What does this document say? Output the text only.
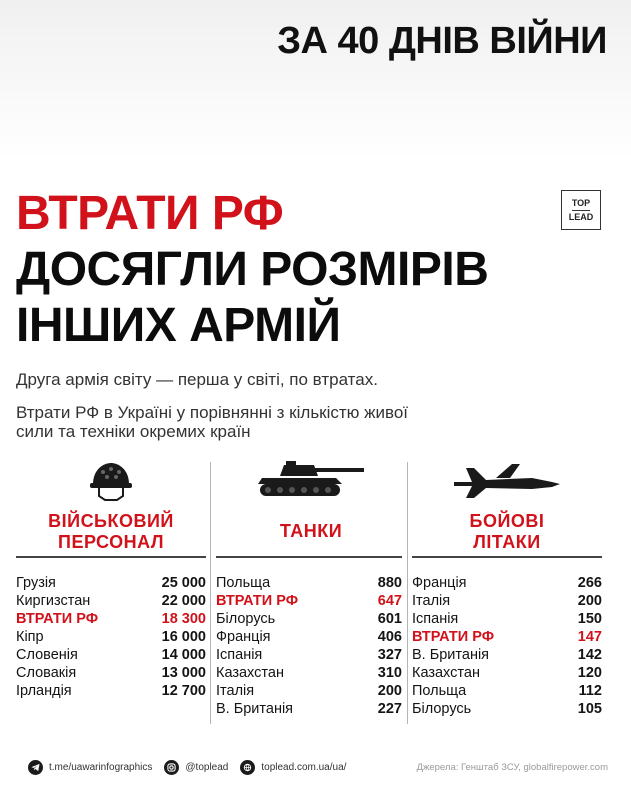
ЗА 40 ДНІВ ВІЙНИ
TOP
LEAD
ВТРАТИ РФ
ДОСЯГЛИ РОЗМІРІВ
ІНШИХ АРМІЙ
Друга армія світу — перша у світі, по втратах.
Втрати РФ в Україні у порівнянні з кількістю живої сили та техніки окремих країн
ВІЙСЬКОВИЙ
ПЕРСОНАЛ
ТАНКИ	БОЙОВІ
ЛІТАКИ
Грузія	25 000
Киргизстан	22 000
ВТРАТИ РФ	18 300
Кіпр	16 000
Словенія	14 000
Словакія	13 000
Ірландія	12 700
Польща	880
ВТРАТИ РФ	647
Білорусь	601
Франція	406
Іспанія	327
Казахстан	310
Італія	200
В. Британія	227
Франція	266
Італія	200
Іспанія	150
ВТРАТИ РФ	147
В. Британія	142
Казахстан	120
Польща	112
Білорусь	105
t.me/uawarinfographics	@toplead	toplead.com.ua/ua/	Джерела: Генштаб ЗСУ, globalfirepower.com
